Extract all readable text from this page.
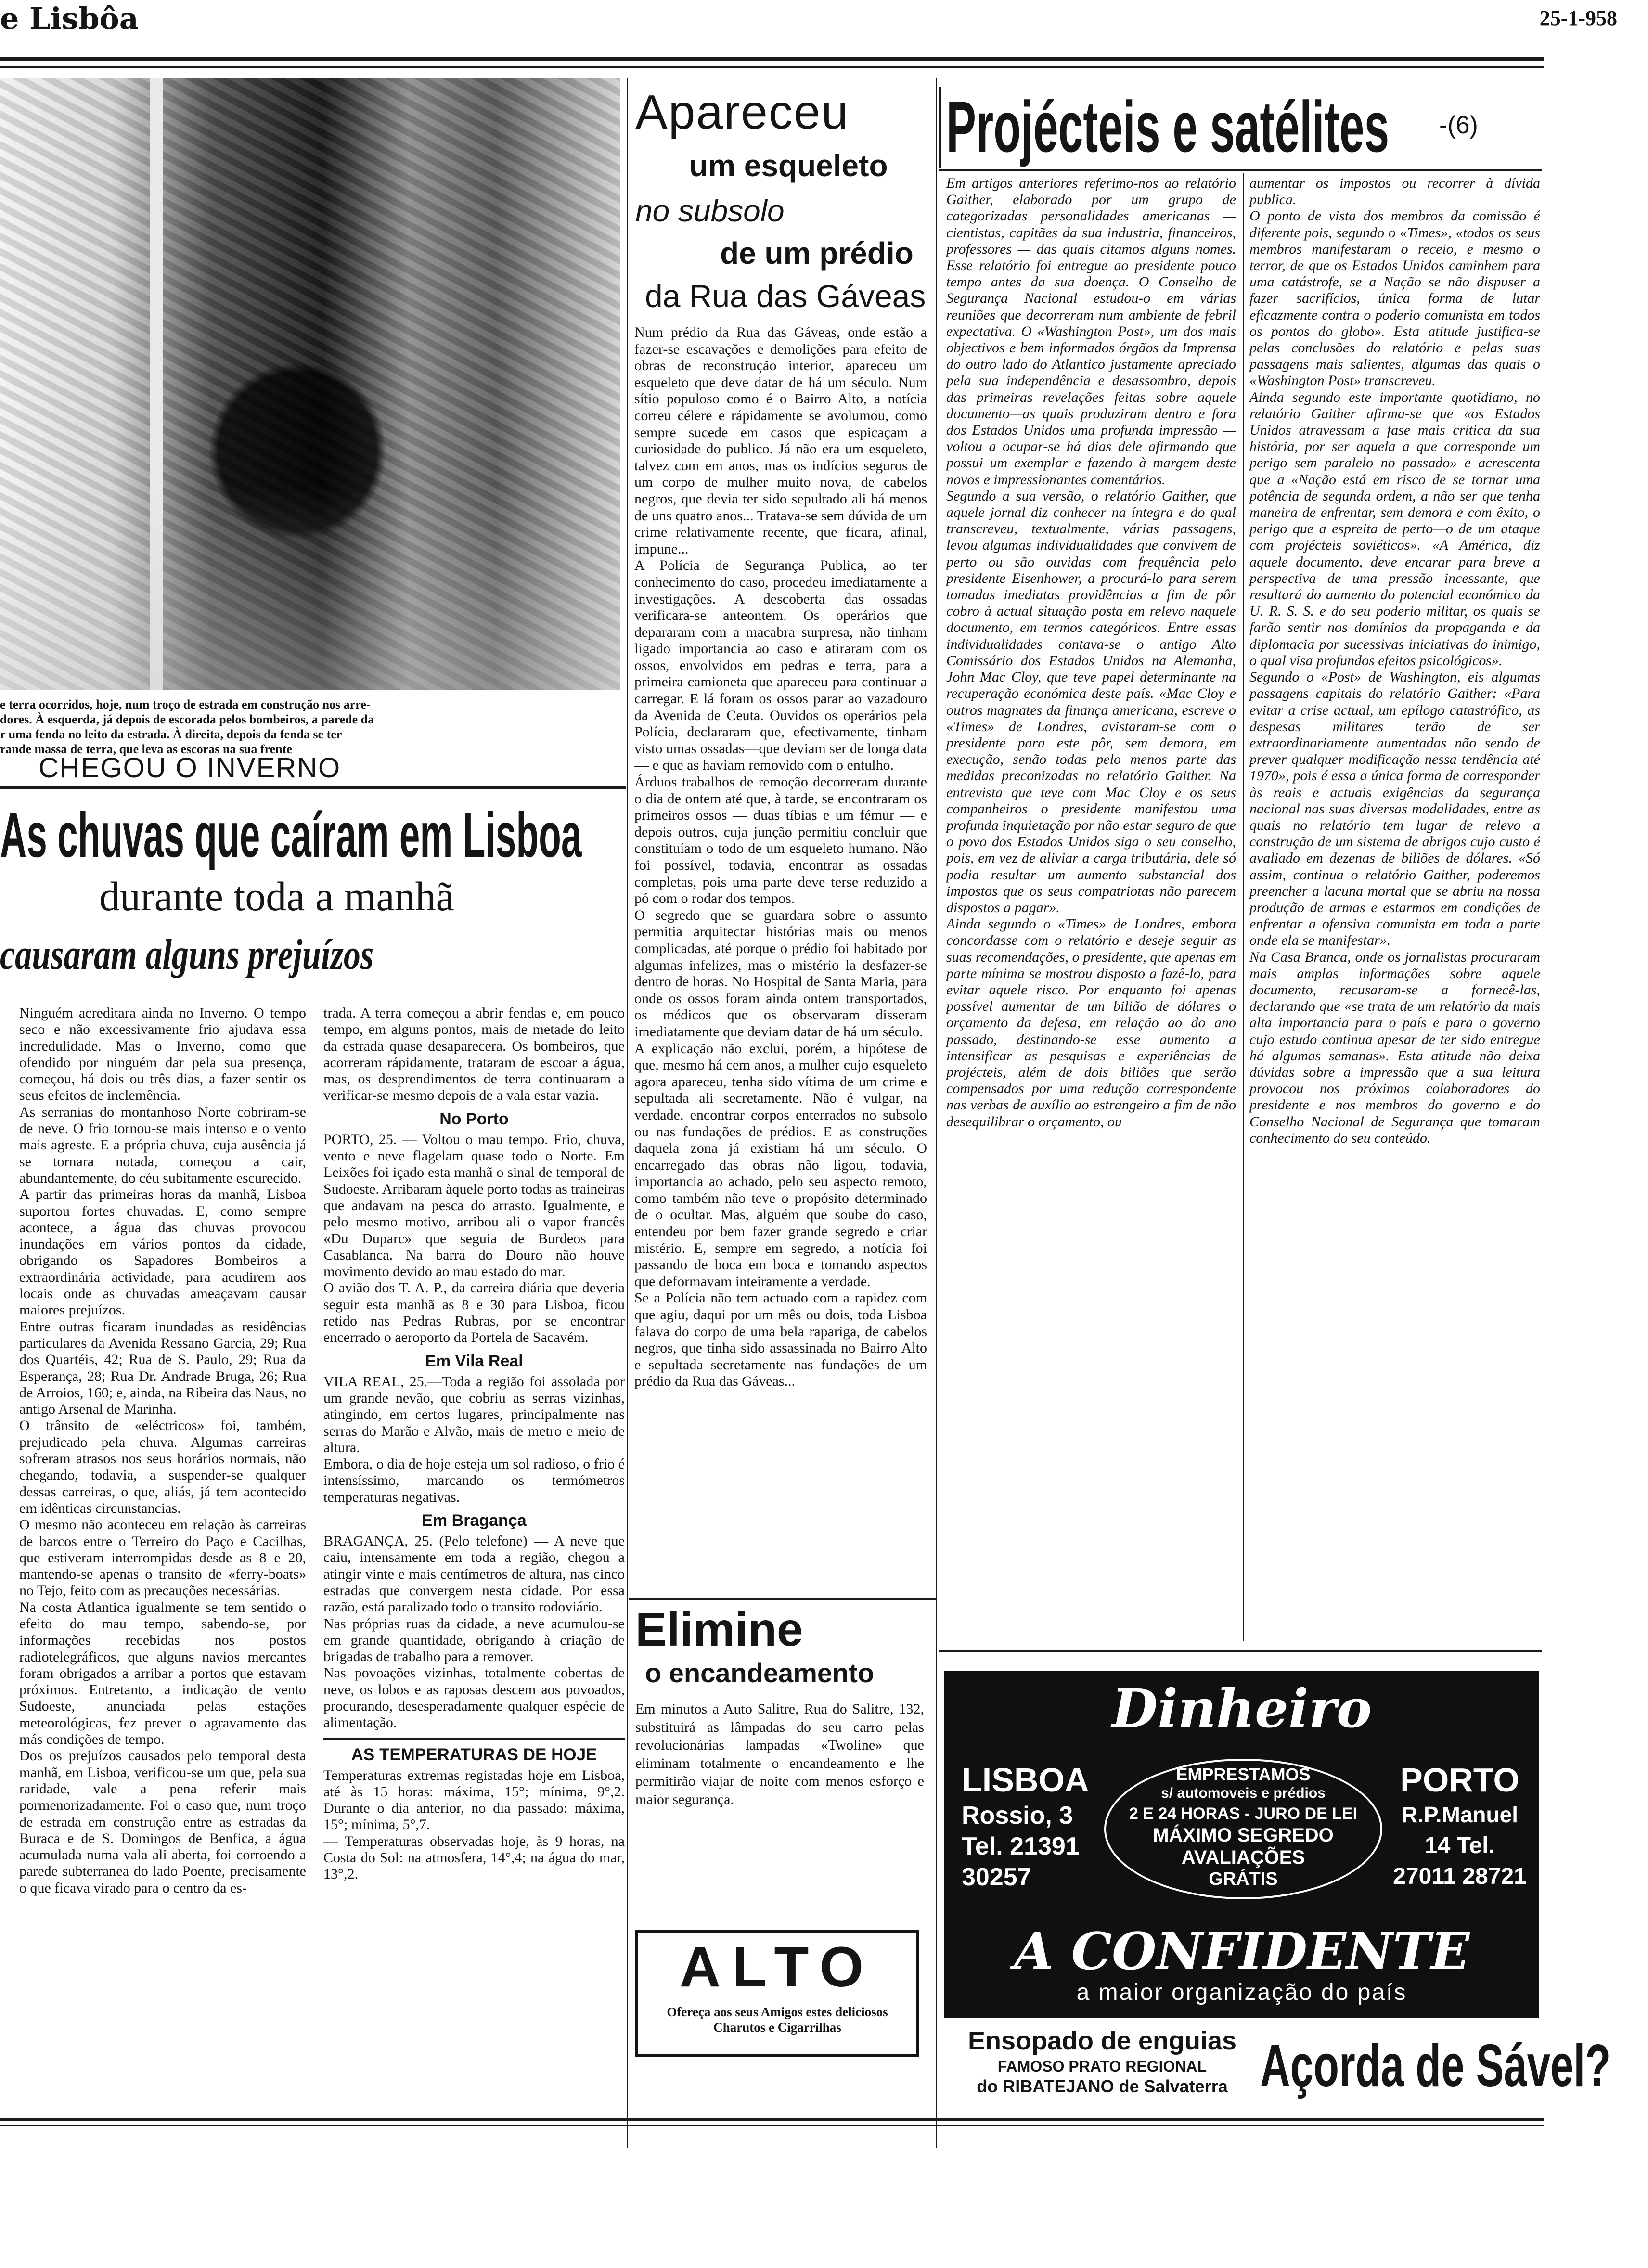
e Lisbôa	25-1-958
e terra ocorridos, hoje, num troço de estrada em construção nos arre-
dores. À esquerda, já depois de escorada pelos bombeiros, a parede da
r uma fenda no leito da estrada. À direita, depois da fenda se ter
rande massa de terra, que leva as escoras na sua frente
CHEGOU O INVERNO
As chuvas que caíram em Lisboa
durante toda a manhã
causaram alguns prejuízos
Ninguém acreditara ainda no Inverno. O tempo seco e não excessivamente frio ajudava essa incredulidade. Mas o Inverno, como que ofendido por ninguém dar pela sua presença, começou, há dois ou três dias, a fazer sentir os seus efeitos de inclemência.
As serranias do montanhoso Norte cobriram-se de neve. O frio tornou-se mais intenso e o vento mais agreste. E a própria chuva, cuja ausência já se tornara notada, começou a cair, abundantemente, do céu subitamente escurecido.
A partir das primeiras horas da manhã, Lisboa suportou fortes chuvadas. E, como sempre acontece, a água das chuvas provocou inundações em vários pontos da cidade, obrigando os Sapadores Bombeiros a extraordinária actividade, para acudirem aos locais onde as chuvadas ameaçavam causar maiores prejuízos.
Entre outras ficaram inundadas as residências particulares da Avenida Ressano Garcia, 29; Rua dos Quartéis, 42; Rua de S. Paulo, 29; Rua da Esperança, 28; Rua Dr. Andrade Bruga, 26; Rua de Arroios, 160; e, ainda, na Ribeira das Naus, no antigo Arsenal de Marinha.
O trânsito de «eléctricos» foi, também, prejudicado pela chuva. Algumas carreiras sofreram atrasos nos seus horários normais, não chegando, todavia, a suspender-se qualquer dessas carreiras, o que, aliás, já tem acontecido em idênticas circunstancias.
O mesmo não aconteceu em relação às carreiras de barcos entre o Terreiro do Paço e Cacilhas, que estiveram interrompidas desde as 8 e 20, mantendo-se apenas o transito de «ferry-boats» no Tejo, feito com as precauções necessárias.
Na costa Atlantica igualmente se tem sentido o efeito do mau tempo, sabendo-se, por informações recebidas nos postos radiotelegráficos, que alguns navios mercantes foram obrigados a arribar a portos que estavam próximos. Entretanto, a indicação de vento Sudoeste, anunciada pelas estações meteorológicas, fez prever o agravamento das más condições de tempo.
Dos os prejuízos causados pelo temporal desta manhã, em Lisboa, verificou-se um que, pela sua raridade, vale a pena referir mais pormenorizadamente. Foi o caso que, num troço de estrada em construção entre as estradas da Buraca e de S. Domingos de Benfica, a água acumulada numa vala ali aberta, foi corroendo a parede subterranea do lado Poente, precisamente o que ficava virado para o centro da es-
trada. A terra começou a abrir fendas e, em pouco tempo, em alguns pontos, mais de metade do leito da estrada quase desaparecera. Os bombeiros, que acorreram rápidamente, trataram de escoar a água, mas, os desprendimentos de terra continuaram a verificar-se mesmo depois de a vala estar vazia.
No Porto
PORTO, 25. — Voltou o mau tempo. Frio, chuva, vento e neve flagelam quase todo o Norte. Em Leixões foi içado esta manhã o sinal de temporal de Sudoeste. Arribaram àquele porto todas as traineiras que andavam na pesca do arrasto. Igualmente, e pelo mesmo motivo, arribou ali o vapor francês «Du Duparc» que seguia de Burdeos para Casablanca. Na barra do Douro não houve movimento devido ao mau estado do mar.
O avião dos T. A. P., da carreira diária que deveria seguir esta manhã as 8 e 30 para Lisboa, ficou retido nas Pedras Rubras, por se encontrar encerrado o aeroporto da Portela de Sacavém.
Em Vila Real
VILA REAL, 25.—Toda a região foi assolada por um grande nevão, que cobriu as serras vizinhas, atingindo, em certos lugares, principalmente nas serras do Marão e Alvão, mais de metro e meio de altura.
Embora, o dia de hoje esteja um sol radioso, o frio é intensíssimo, marcando os termómetros temperaturas negativas.
Em Bragança
BRAGANÇA, 25. (Pelo telefone) — A neve que caiu, intensamente em toda a região, chegou a atingir vinte e mais centímetros de altura, nas cinco estradas que convergem nesta cidade. Por essa razão, está paralizado todo o transito rodoviário.
Nas próprias ruas da cidade, a neve acumulou-se em grande quantidade, obrigando à criação de brigadas de trabalho para a remover.
Nas povoações vizinhas, totalmente cobertas de neve, os lobos e as raposas descem aos povoados, procurando, desesperadamente qualquer espécie de alimentação.
AS TEMPERATURAS DE HOJE
Temperaturas extremas registadas hoje em Lisboa, até às 15 horas: máxima, 15°; mínima, 9°,2. Durante o dia anterior, no dia passado: máxima, 15°; mínima, 5°,7.
— Temperaturas observadas hoje, às 9 horas, na Costa do Sol: na atmosfera, 14°,4; na água do mar, 13°,2.
Apareceu
um esqueleto
no subsolo
de um prédio
da Rua das Gáveas
Num prédio da Rua das Gáveas, onde estão a fazer-se escavações e demolições para efeito de obras de reconstrução interior, apareceu um esqueleto que deve datar de há um século. Num sítio populoso como é o Bairro Alto, a notícia correu célere e rápidamente se avolumou, como sempre sucede em casos que espicaçam a curiosidade do publico. Já não era um esqueleto, talvez com em anos, mas os indícios seguros de um corpo de mulher muito nova, de cabelos negros, que devia ter sido sepultado ali há menos de uns quatro anos... Tratava-se sem dúvida de um crime relativamente recente, que ficara, afinal, impune...
A Polícia de Segurança Publica, ao ter conhecimento do caso, procedeu imediatamente a investigações. A descoberta das ossadas verificara-se anteontem. Os operários que depararam com a macabra surpresa, não tinham ligado importancia ao caso e atiraram com os ossos, envolvidos em pedras e terra, para a primeira camioneta que apareceu para continuar a carregar. E lá foram os ossos parar ao vazadouro da Avenida de Ceuta. Ouvidos os operários pela Polícia, declararam que, efectivamente, tinham visto umas ossadas—que deviam ser de longa data — e que as haviam removido com o entulho.
Árduos trabalhos de remoção decorreram durante o dia de ontem até que, à tarde, se encontraram os primeiros ossos — duas tíbias e um fémur — e depois outros, cuja junção permitiu concluir que constituíam o todo de um esqueleto humano. Não foi possível, todavia, encontrar as ossadas completas, pois uma parte deve terse reduzido a pó com o rodar dos tempos.
O segredo que se guardara sobre o assunto permitia arquitectar histórias mais ou menos complicadas, até porque o prédio foi habitado por algumas infelizes, mas o mistério la desfazer-se dentro de horas. No Hospital de Santa Maria, para onde os ossos foram ainda ontem transportados, os médicos que os observaram disseram imediatamente que deviam datar de há um século.
A explicação não exclui, porém, a hipótese de que, mesmo há cem anos, a mulher cujo esqueleto agora apareceu, tenha sido vítima de um crime e sepultada ali secretamente. Não é vulgar, na verdade, encontrar corpos enterrados no subsolo ou nas fundações de prédios. E as construções daquela zona já existiam há um século. O encarregado das obras não ligou, todavia, importancia ao achado, pelo seu aspecto remoto, como também não teve o propósito determinado de o ocultar. Mas, alguém que soube do caso, entendeu por bem fazer grande segredo e criar mistério. E, sempre em segredo, a notícia foi passando de boca em boca e tomando aspectos que deformavam inteiramente a verdade.
Se a Polícia não tem actuado com a rapidez com que agiu, daqui por um mês ou dois, toda Lisboa falava do corpo de uma bela rapariga, de cabelos negros, que tinha sido assassinada no Bairro Alto e sepultada secretamente nas fundações de um prédio da Rua das Gáveas...
Elimine
o encandeamento
Em minutos a Auto Salitre, Rua do Salitre, 132, substituirá as lâmpadas do seu carro pelas revolucionárias lampadas «Twoline» que eliminam totalmente o encandeamento e lhe permitirão viajar de noite com menos esforço e maior segurança.
ALTO
Ofereça aos seus Amigos estes deliciosos Charutos e Cigarrilhas
Projécteis e satélites -(6)
Em artigos anteriores referimo-nos ao relatório Gaither, elaborado por um grupo de categorizadas personalidades americanas — cientistas, capitães da sua industria, financeiros, professores — das quais citamos alguns nomes. Esse relatório foi entregue ao presidente pouco tempo antes da sua doença. O Conselho de Segurança Nacional estudou-o em várias reuniões que decorreram num ambiente de febril expectativa. O «Washington Post», um dos mais objectivos e bem informados órgãos da Imprensa do outro lado do Atlantico justamente apreciado pela sua independência e desassombro, depois das primeiras revelações feitas sobre aquele documento—as quais produziram dentro e fora dos Estados Unidos uma profunda impressão — voltou a ocupar-se há dias dele afirmando que possui um exemplar e fazendo à margem deste novos e impressionantes comentários.
Segundo a sua versão, o relatório Gaither, que aquele jornal diz conhecer na íntegra e do qual transcreveu, textualmente, várias passagens, levou algumas individualidades que convivem de perto ou são ouvidas com frequência pelo presidente Eisenhower, a procurá-lo para serem tomadas imediatas providências a fim de pôr cobro à actual situação posta em relevo naquele documento, em termos categóricos. Entre essas individualidades contava-se o antigo Alto Comissário dos Estados Unidos na Alemanha, John Mac Cloy, que teve papel determinante na recuperação económica deste país. «Mac Cloy e outros magnates da finança americana, escreve o «Times» de Londres, avistaram-se com o presidente para este pôr, sem demora, em execução, senão todas pelo menos parte das medidas preconizadas no relatório Gaither. Na entrevista que teve com Mac Cloy e os seus companheiros o presidente manifestou uma profunda inquietação por não estar seguro de que o povo dos Estados Unidos siga o seu conselho, pois, em vez de aliviar a carga tributária, dele só podia resultar um aumento substancial dos impostos que os seus compatriotas não parecem dispostos a pagar».
Ainda segundo o «Times» de Londres, embora concordasse com o relatório e deseje seguir as suas recomendações, o presidente, que apenas em parte mínima se mostrou disposto a fazê-lo, para evitar aquele risco. Por enquanto foi apenas possível aumentar de um bilião de dólares o orçamento da defesa, em relação ao do ano passado, destinando-se esse aumento a intensificar as pesquisas e experiências de projécteis, além de dois biliões que serão compensados por uma redução correspondente nas verbas de auxílio ao estrangeiro a fim de não desequilibrar o orçamento, ou
aumentar os impostos ou recorrer à dívida publica.
O ponto de vista dos membros da comissão é diferente pois, segundo o «Times», «todos os seus membros manifestaram o receio, e mesmo o terror, de que os Estados Unidos caminhem para uma catástrofe, se a Nação se não dispuser a fazer sacrifícios, única forma de lutar eficazmente contra o poderio comunista em todos os pontos do globo». Esta atitude justifica-se pelas conclusões do relatório e pelas suas passagens mais salientes, algumas das quais o «Washington Post» transcreveu.
Ainda segundo este importante quotidiano, no relatório Gaither afirma-se que «os Estados Unidos atravessam a fase mais crítica da sua história, por ser aquela a que corresponde um perigo sem paralelo no passado» e acrescenta que a «Nação está em risco de se tornar uma potência de segunda ordem, a não ser que tenha maneira de enfrentar, sem demora e com êxito, o perigo que a espreita de perto—o de um ataque com projécteis soviéticos». «A América, diz aquele documento, deve encarar para breve a perspectiva de uma pressão incessante, que resultará do aumento do potencial económico da U. R. S. S. e do seu poderio militar, os quais se farão sentir nos domínios da propaganda e da diplomacia por sucessivas iniciativas do inimigo, o qual visa profundos efeitos psicológicos».
Segundo o «Post» de Washington, eis algumas passagens capitais do relatório Gaither: «Para evitar a crise actual, um epílogo catastrófico, as despesas militares terão de ser extraordinariamente aumentadas não sendo de prever qualquer modificação nessa tendência até 1970», pois é essa a única forma de corresponder às reais e actuais exigências da segurança nacional nas suas diversas modalidades, entre as quais no relatório tem lugar de relevo a construção de um sistema de abrigos cujo custo é avaliado em dezenas de biliões de dólares. «Só assim, continua o relatório Gaither, poderemos preencher a lacuna mortal que se abriu na nossa produção de armas e estarmos em condições de enfrentar a ofensiva comunista em toda a parte onde ela se manifestar».
Na Casa Branca, onde os jornalistas procuraram mais amplas informações sobre aquele documento, recusaram-se a fornecê-las, declarando que «se trata de um relatório da mais alta importancia para o país e para o governo cujo estudo continua apesar de ter sido entregue há algumas semanas». Esta atitude não deixa dúvidas sobre a impressão que a sua leitura provocou nos próximos colaboradores do presidente e nos membros do governo e do Conselho Nacional de Segurança que tomaram conhecimento do seu conteúdo.
Dinheiro
LISBOA
Rossio, 3
Tel. 21391
30257
EMPRESTAMOS
s/ automoveis e prédios
2 E 24 HORAS - JURO DE LEI
MÁXIMO SEGREDO
AVALIAÇÕES
GRÁTIS
PORTO
R.P.Manuel
14 Tel.
27011 28721
A CONFIDENTE
a maior organização do país
Ensopado de enguias
FAMOSO PRATO REGIONAL
do RIBATEJANO de Salvaterra Açorda de Sável?
